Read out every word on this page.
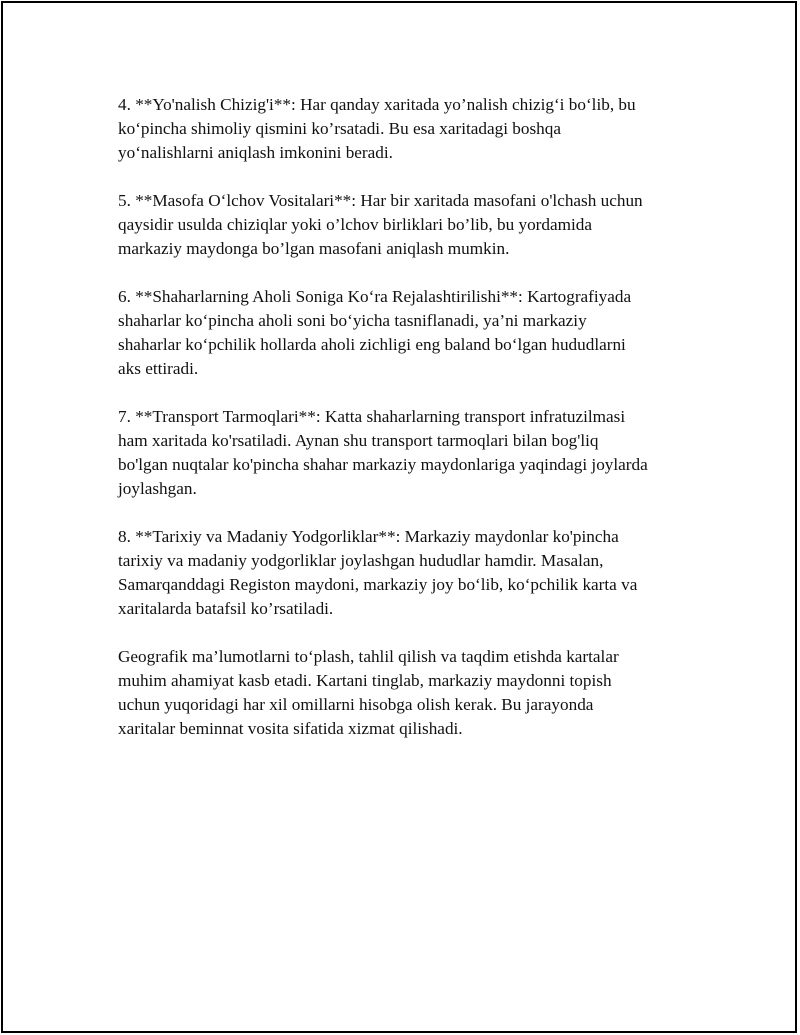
4. **Yo'nalish Chizig'i**: Har qanday xaritada yo’nalish chizig‘i bo‘lib, bu
ko‘pincha shimoliy qismini ko’rsatadi. Bu esa xaritadagi boshqa
yo‘nalishlarni aniqlash imkonini beradi.

5. **Masofa O‘lchov Vositalari**: Har bir xaritada masofani o'lchash uchun
qaysidir usulda chiziqlar yoki o’lchov birliklari bo’lib, bu yordamida
markaziy maydonga bo’lgan masofani aniqlash mumkin.

6. **Shaharlarning Aholi Soniga Ko‘ra Rejalashtirilishi**: Kartografiyada
shaharlar ko‘pincha aholi soni bo‘yicha tasniflanadi, ya’ni markaziy
shaharlar ko‘pchilik hollarda aholi zichligi eng baland bo‘lgan hududlarni
aks ettiradi.

7. **Transport Tarmoqlari**: Katta shaharlarning transport infratuzilmasi
ham xaritada ko'rsatiladi. Aynan shu transport tarmoqlari bilan bog'liq
bo'lgan nuqtalar ko'pincha shahar markaziy maydonlariga yaqindagi joylarda
joylashgan.

8. **Tarixiy va Madaniy Yodgorliklar**: Markaziy maydonlar ko'pincha
tarixiy va madaniy yodgorliklar joylashgan hududlar hamdir. Masalan,
Samarqanddagi Registon maydoni, markaziy joy bo‘lib, ko‘pchilik karta va
xaritalarda batafsil ko’rsatiladi.

Geografik ma’lumotlarni to‘plash, tahlil qilish va taqdim etishda kartalar
muhim ahamiyat kasb etadi. Kartani tinglab, markaziy maydonni topish
uchun yuqoridagi har xil omillarni hisobga olish kerak. Bu jarayonda
xaritalar beminnat vosita sifatida xizmat qilishadi.
